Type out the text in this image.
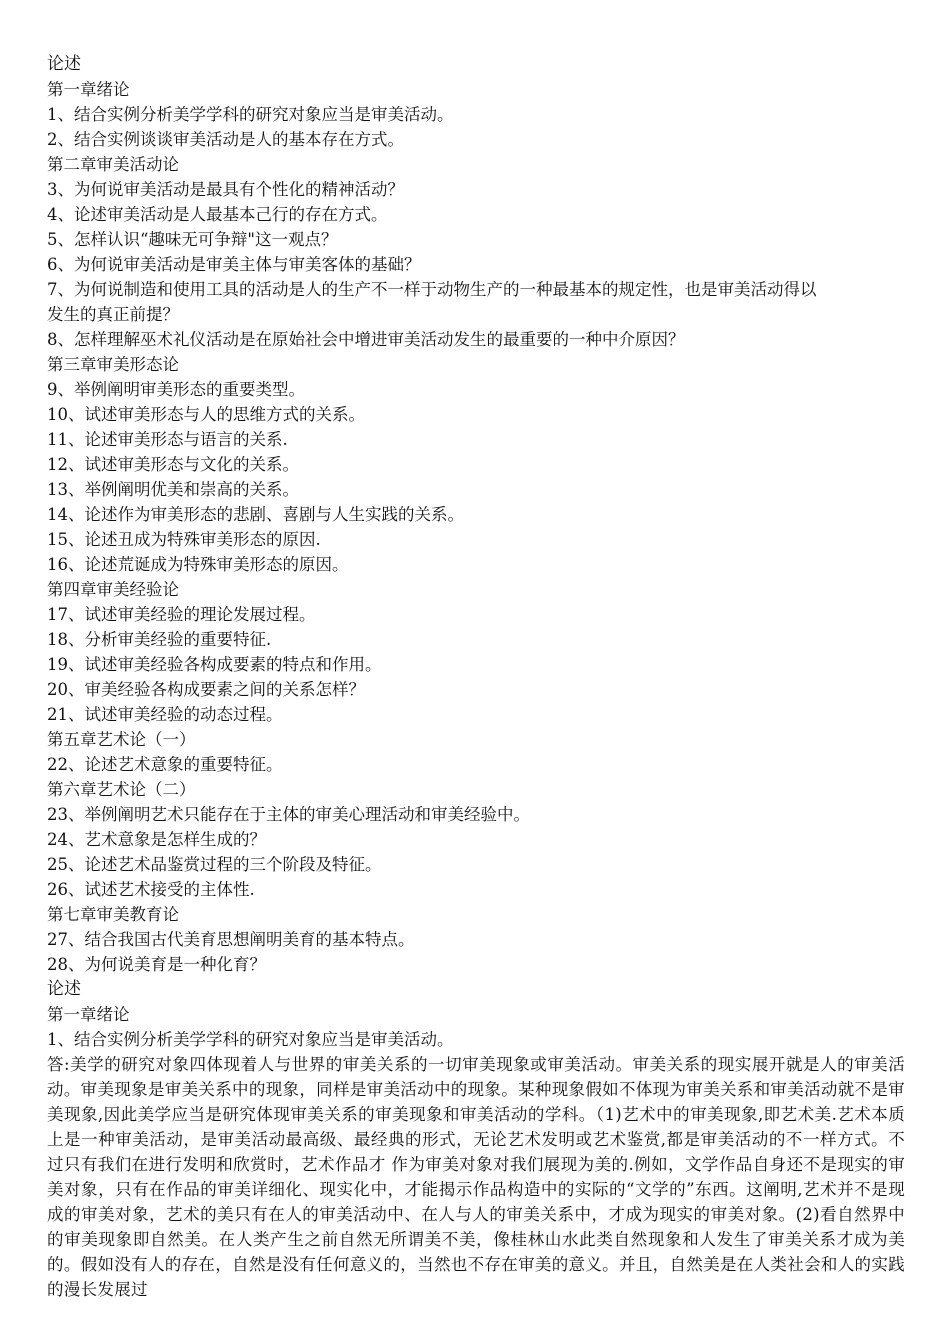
论述
第一章绪论
1、结合实例分析美学学科的研究对象应当是审美活动。
2、结合实例谈谈审美活动是人的基本存在方式。
第二章审美活动论
3、为何说审美活动是最具有个性化的精神活动？
4、论述审美活动是人最基本己行的存在方式。
5、怎样认识“趣味无可争辩"这一观点？
6、为何说审美活动是审美主体与审美客体的基础？
7、为何说制造和使用工具的活动是人的生产不一样于动物生产的一种最基本的规定性，也是审美活动得以
发生的真正前提？
8、怎样理解巫术礼仪活动是在原始社会中增进审美活动发生的最重要的一种中介原因？
第三章审美形态论
9、举例阐明审美形态的重要类型。
10、试述审美形态与人的思维方式的关系。
11、论述审美形态与语言的关系.
12、试述审美形态与文化的关系。
13、举例阐明优美和崇高的关系。
14、论述作为审美形态的悲剧、喜剧与人生实践的关系。
15、论述丑成为特殊审美形态的原因.
16、论述荒诞成为特殊审美形态的原因。
第四章审美经验论
17、试述审美经验的理论发展过程。
18、分析审美经验的重要特征.
19、试述审美经验各构成要素的特点和作用。
20、审美经验各构成要素之间的关系怎样？
21、试述审美经验的动态过程。
第五章艺术论（一）
22、论述艺术意象的重要特征。
第六章艺术论（二）
23、举例阐明艺术只能存在于主体的审美心理活动和审美经验中。
24、艺术意象是怎样生成的？
25、论述艺术品鉴赏过程的三个阶段及特征。
26、试述艺术接受的主体性.
第七章审美教育论
27、结合我国古代美育思想阐明美育的基本特点。
28、为何说美育是一种化育？
论述
第一章绪论
1、结合实例分析美学学科的研究对象应当是审美活动。
答:美学的研究对象四体现着人与世界的审美关系的一切审美现象或审美活动。审美关系的现实展开就是人的审美活动。审美现象是审美关系中的现象，同样是审美活动中的现象。某种现象假如不体现为审美关系和审美活动就不是审美现象,因此美学应当是研究体现审美关系的审美现象和审美活动的学科。（1)艺术中的审美现象,即艺术美.艺术本质上是一种审美活动，是审美活动最高级、最经典的形式，无论艺术发明或艺术鉴赏,都是审美活动的不一样方式。不过只有我们在进行发明和欣赏时，艺术作品才 作为审美对象对我们展现为美的.例如，文学作品自身还不是现实的审美对象，只有在作品的审美详细化、现实化中，才能揭示作品构造中的实际的“文学的”东西。这阐明,艺术并不是现成的审美对象，艺术的美只有在人的审美活动中、在人与人的审美关系中，才成为现实的审美对象。(2)看自然界中的审美现象即自然美。在人类产生之前自然无所谓美不美，像桂林山水此类自然现象和人发生了审美关系才成为美的。假如没有人的存在，自然是没有任何意义的，当然也不存在审美的意义。并且，自然美是在人类社会和人的实践的漫长发展过
